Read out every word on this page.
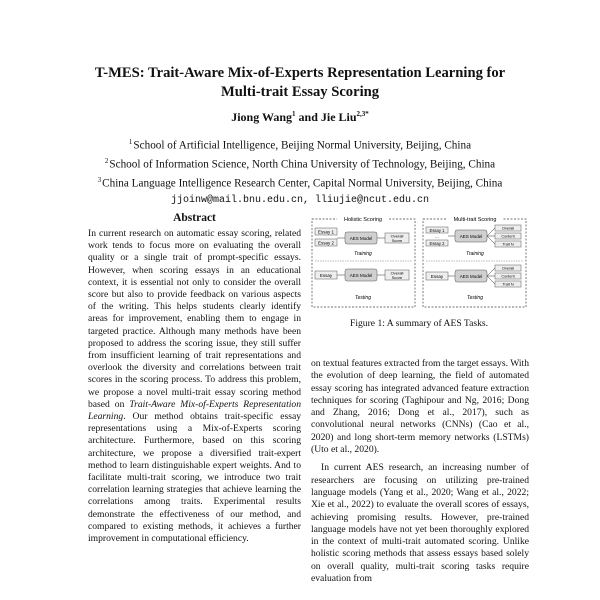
T-MES: Trait-Aware Mix-of-Experts Representation Learning for
Multi-trait Essay Scoring
Jiong Wang$^1$ and Jie Liu$^{2,3*}$
$^1$School of Artificial Intelligence, Beijing Normal University, Beijing, China
$^2$School of Information Science, North China University of Technology, Beijing, China
$^3$China Language Intelligence Research Center, Capital Normal University, Beijing, China
jjoinw@mail.bnu.edu.cn, lliujie@ncut.edu.cn
Abstract
In current research on automatic essay scoring, related work tends to focus more on evaluating the overall quality or a single trait of prompt-specific essays. However, when scoring essays in an educational context, it is essential not only to consider the overall score but also to provide feedback on various aspects of the writing. This helps students clearly identify areas for improvement, enabling them to engage in targeted practice. Although many methods have been proposed to address the scoring issue, they still suffer from insufficient learning of trait representations and overlook the diversity and correlations between trait scores in the scoring process. To address this problem, we propose a novel multi-trait essay scoring method based on Trait-Aware Mix-of-Experts Representation Learning. Our method obtains trait-specific essay representations using a Mix-of-Experts scoring architecture. Furthermore, based on this scoring architecture, we propose a diversified trait-expert method to learn distinguishable expert weights. And to facilitate multi-trait scoring, we introduce two trait correlation learning strategies that achieve learning the correlations among traits. Experimental results demonstrate the effectiveness of our method, and compared to existing methods, it achieves a further improvement in computational efficiency.
Holistic Scoring
Essay 1
Essay 2
AES Model	Overall
Score
Training
Essay	AES Model	Overall
Score
Testing
Multi-trait Scoring
Essay 1
...
Essay 2
AES Model
Overall
Content
Trait N
Training
Essay	AES Model
Overall
Content
Trait N
Testing
Figure 1: A summary of AES Tasks.

on textual features extracted from the target essays. With the evolution of deep learning, the field of automated essay scoring has integrated advanced feature extraction techniques for scoring (Taghipour and Ng, 2016; Dong and Zhang, 2016; Dong et al., 2017), such as convolutional neural networks (CNNs) (Cao et al., 2020) and long short-term memory networks (LSTMs) (Uto et al., 2020).

In current AES research, an increasing number of researchers are focusing on utilizing pre-trained language models (Yang et al., 2020; Wang et al., 2022; Xie et al., 2022) to evaluate the overall scores of essays, achieving promising results. However, pre-trained language models have not yet been thoroughly explored in the context of multi-trait automated scoring. Unlike holistic scoring methods that assess essays based solely on overall quality, multi-trait scoring tasks require evaluation from
